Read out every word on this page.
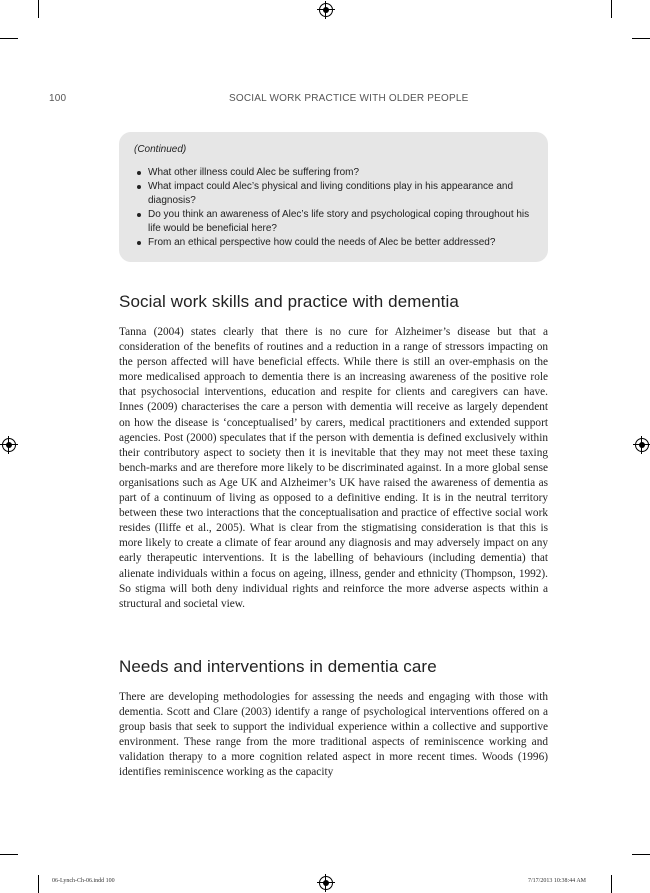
100	SOCIAL WORK PRACTICE WITH OLDER PEOPLE
(Continued)
What other illness could Alec be suffering from?
What impact could Alec’s physical and living conditions play in his appearance and diagnosis?
Do you think an awareness of Alec’s life story and psychological coping throughout his life would be beneficial here?
From an ethical perspective how could the needs of Alec be better addressed?
Social work skills and practice with dementia

Tanna (2004) states clearly that there is no cure for Alzheimer’s disease but that a consideration of the benefits of routines and a reduction in a range of stressors impacting on the person affected will have beneficial effects. While there is still an over-emphasis on the more medicalised approach to dementia there is an increasing awareness of the positive role that psychosocial interventions, education and respite for clients and caregivers can have. Innes (2009) characterises the care a person with dementia will receive as largely dependent on how the disease is ‘conceptualised’ by carers, medical practitioners and extended support agencies. Post (2000) speculates that if the person with dementia is defined exclusively within their contributory aspect to society then it is inevitable that they may not meet these taxing bench-marks and are therefore more likely to be discriminated against. In a more global sense organisations such as Age UK and Alzheimer’s UK have raised the awareness of dementia as part of a continuum of living as opposed to a definitive ending. It is in the neutral territory between these two interactions that the conceptualisation and practice of effective social work resides (Iliffe et al., 2005). What is clear from the stigmatising consideration is that this is more likely to create a climate of fear around any diagnosis and may adversely impact on any early therapeutic interventions. It is the labelling of behaviours (including dementia) that alienate individuals within a focus on ageing, illness, gender and ethnicity (Thompson, 1992). So stigma will both deny individual rights and reinforce the more adverse aspects within a structural and societal view.

Needs and interventions in dementia care

There are developing methodologies for assessing the needs and engaging with those with dementia. Scott and Clare (2003) identify a range of psychological interventions offered on a group basis that seek to support the individual experience within a collective and supportive environment. These range from the more traditional aspects of reminiscence working and validation therapy to a more cognition related aspect in more recent times. Woods (1996) identifies reminiscence working as the capacity

06-Lynch-Ch-06.indd 100	7/17/2013 10:38:44 AM
